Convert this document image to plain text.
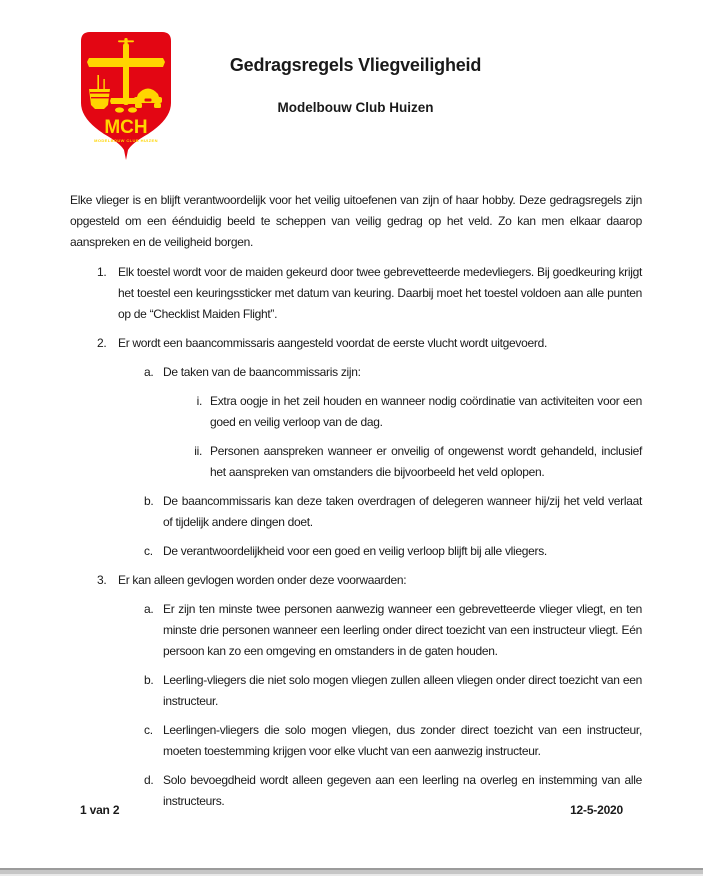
MCH
MODELBOUW CLUB HUIZEN
Gedragsregels Vliegveiligheid
Modelbouw Club Huizen

Elke vlieger is en blijft verantwoordelijk voor het veilig uitoefenen van zijn of haar hobby. Deze gedragsregels zijn opgesteld om een éénduidig beeld te scheppen van veilig gedrag op het veld. Zo kan men elkaar daarop aanspreken en de veiligheid borgen.

1. Elk toestel wordt voor de maiden gekeurd door twee gebrevetteerde medevliegers. Bij goedkeuring krijgt het toestel een keuringssticker met datum van keuring. Daarbij moet het toestel voldoen aan alle punten op de “Checklist Maiden Flight”.
2. Er wordt een baancommissaris aangesteld voordat de eerste vlucht wordt uitgevoerd.
a. De taken van de baancommissaris zijn:
i. Extra oogje in het zeil houden en wanneer nodig coördinatie van activiteiten voor een goed en veilig verloop van de dag.
ii. Personen aanspreken wanneer er onveilig of ongewenst wordt gehandeld, inclusief het aanspreken van omstanders die bijvoorbeeld het veld oplopen.
b. De baancommissaris kan deze taken overdragen of delegeren wanneer hij/zij het veld verlaat of tijdelijk andere dingen doet.
c. De verantwoordelijkheid voor een goed en veilig verloop blijft bij alle vliegers.
3. Er kan alleen gevlogen worden onder deze voorwaarden:
a. Er zijn ten minste twee personen aanwezig wanneer een gebrevetteerde vlieger vliegt, en ten minste drie personen wanneer een leerling onder direct toezicht van een instructeur vliegt. Eén persoon kan zo een omgeving en omstanders in de gaten houden.
b. Leerling-vliegers die niet solo mogen vliegen zullen alleen vliegen onder direct toezicht van een instructeur.
c. Leerlingen-vliegers die solo mogen vliegen, dus zonder direct toezicht van een instructeur, moeten toestemming krijgen voor elke vlucht van een aanwezig instructeur.
d. Solo bevoegdheid wordt alleen gegeven aan een leerling na overleg en instemming van alle instructeurs.
1 van 2	12-5-2020
